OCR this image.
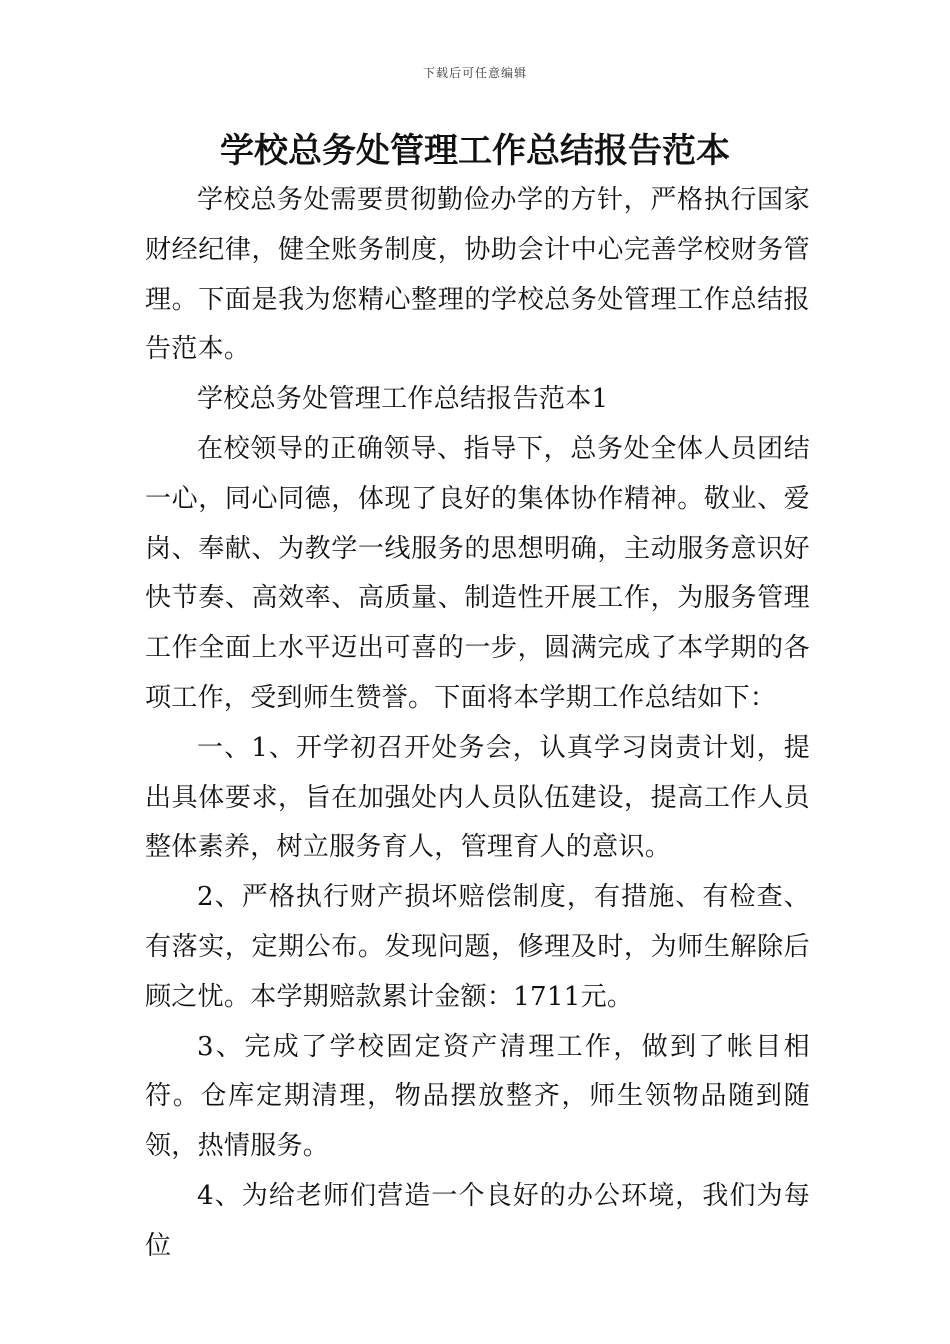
下载后可任意编辑
学校总务处管理工作总结报告范本

学校总务处需要贯彻勤俭办学的方针，严格执行国家财经纪律，健全账务制度，协助会计中心完善学校财务管理。下面是我为您精心整理的学校总务处管理工作总结报告范本。

学校总务处管理工作总结报告范本1

在校领导的正确领导、指导下，总务处全体人员团结一心，同心同德，体现了良好的集体协作精神。敬业、爱岗、奉献、为教学一线服务的思想明确，主动服务意识好快节奏、高效率、高质量、制造性开展工作，为服务管理工作全面上水平迈出可喜的一步，圆满完成了本学期的各项工作，受到师生赞誉。下面将本学期工作总结如下：

一、1、开学初召开处务会，认真学习岗责计划，提出具体要求，旨在加强处内人员队伍建设，提高工作人员整体素养，树立服务育人，管理育人的意识。

2、严格执行财产损坏赔偿制度，有措施、有检查、有落实，定期公布。发现问题，修理及时，为师生解除后顾之忧。本学期赔款累计金额：1711元。

3、完成了学校固定资产清理工作，做到了帐目相符。仓库定期清理，物品摆放整齐，师生领物品随到随领，热情服务。

4、为给老师们营造一个良好的办公环境，我们为每位
